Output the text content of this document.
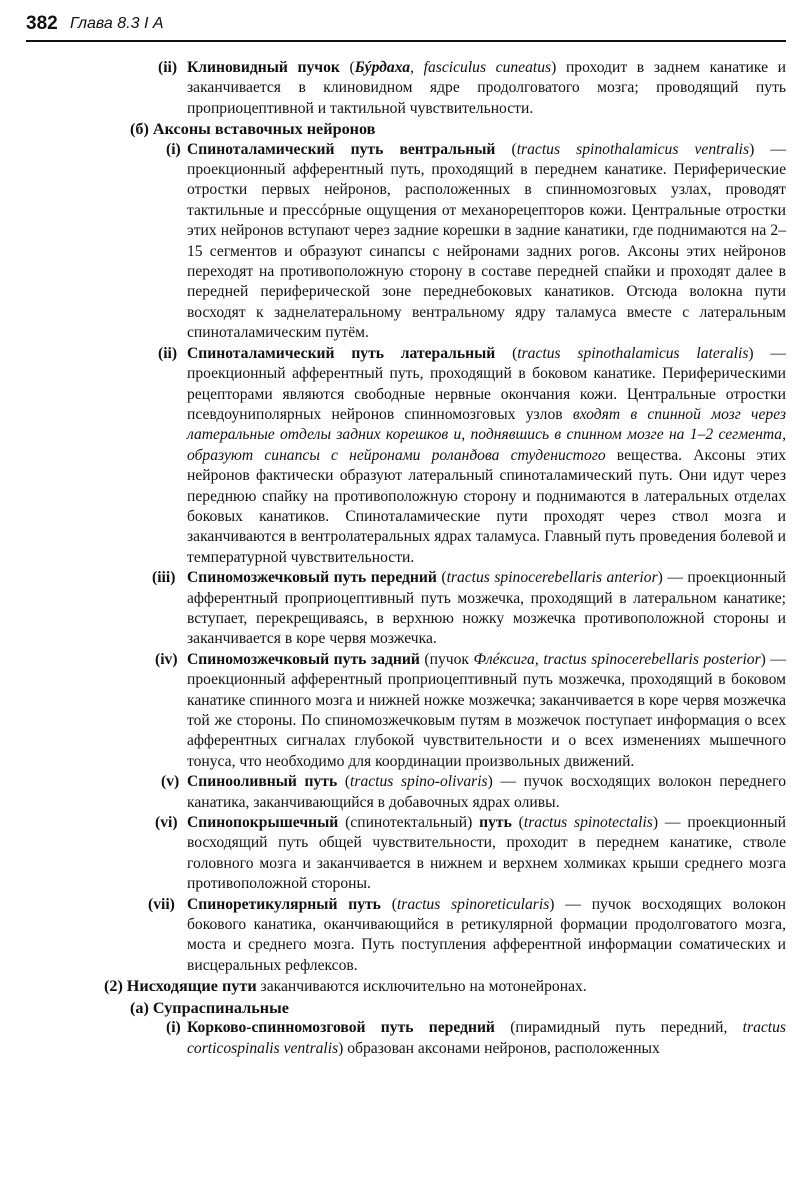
382 Глава 8.3 I А
(ii) Клиновидный пучок (Бýрдаха, fasciculus cuneatus) проходит в заднем канатике и заканчивается в клиновидном ядре продолговатого мозга; проводящий путь проприоцептивной и тактильной чувствительности.
(б) Аксоны вставочных нейронов
(i) Спиноталамический путь вентральный (tractus spinothalamicus ventralis) — проекционный афферентный путь, проходящий в переднем канатике. Периферические отростки первых нейронов, расположенных в спинномозговых узлах, проводят тактильные и прессóрные ощущения от механорецепторов кожи. Центральные отростки этих нейронов вступают через задние корешки в задние канатики, где поднимаются на 2–15 сегментов и образуют синапсы с нейронами задних рогов. Аксоны этих нейронов переходят на противоположную сторону в составе передней спайки и проходят далее в передней периферической зоне переднебоковых канатиков. Отсюда волокна пути восходят к заднелатеральному вентральному ядру таламуса вместе с латеральным спиноталамическим путём.
(ii) Спиноталамический путь латеральный (tractus spinothalamicus lateralis) — проекционный афферентный путь, проходящий в боковом канатике. Периферическими рецепторами являются свободные нервные окончания кожи. Центральные отростки псевдоуниполярных нейронов спинномозговых узлов входят в спинной мозг через латеральные отделы задних корешков и, поднявшись в спинном мозге на 1–2 сегмента, образуют синапсы с нейронами роланðова студенистого вещества. Аксоны этих нейронов фактически образуют латеральный спиноталамический путь. Они идут через переднюю спайку на противоположную сторону и поднимаются в латеральных отделах боковых канатиков. Спиноталамические пути проходят через ствол мозга и заканчиваются в вентролатеральных ядрах таламуса. Главный путь проведения болевой и температурной чувствительности.
(iii) Спиномозжечковый путь передний (tractus spinocerebellaris anterior) — проекционный афферентный проприоцептивный путь мозжечка, проходящий в латеральном канатике; вступает, перекрещиваясь, в верхнюю ножку мозжечка противоположной стороны и заканчивается в коре червя мозжечка.
(iv) Спиномозжечковый путь задний (пучок Флéксига, tractus spinocerebellaris posterior) — проекционный афферентный проприоцептивный путь мозжечка, проходящий в боковом канатике спинного мозга и нижней ножке мозжечка; заканчивается в коре червя мозжечка той же стороны. По спиномозжечковым путям в мозжечок поступает информация о всех афферентных сигналах глубокой чувствительности и о всех изменениях мышечного тонуса, что необходимо для координации произвольных движений.
(v) Спинооливный путь (tractus spino-olivaris) — пучок восходящих волокон переднего канатика, заканчивающийся в добавочных ядрах оливы.
(vi) Спинопокрышечный (спинотектальный) путь (tractus spinotectalis) — проекционный восходящий путь общей чувствительности, проходит в переднем канатике, стволе головного мозга и заканчивается в нижнем и верхнем холмиках крыши среднего мозга противоположной стороны.
(vii) Спиноретикулярный путь (tractus spinoreticularis) — пучок восходящих волокон бокового канатика, оканчивающийся в ретикулярной формации продолговатого мозга, моста и среднего мозга. Путь поступления афферентной информации соматических и висцеральных рефлексов.
(2) Нисходящие пути заканчиваются исключительно на мотонейронах.
(а) Супраспинальные
(i) Корково-спинномозговой путь передний (пирамидный путь передний, tractus corticospinalis ventralis) образован аксонами нейронов, расположенных
